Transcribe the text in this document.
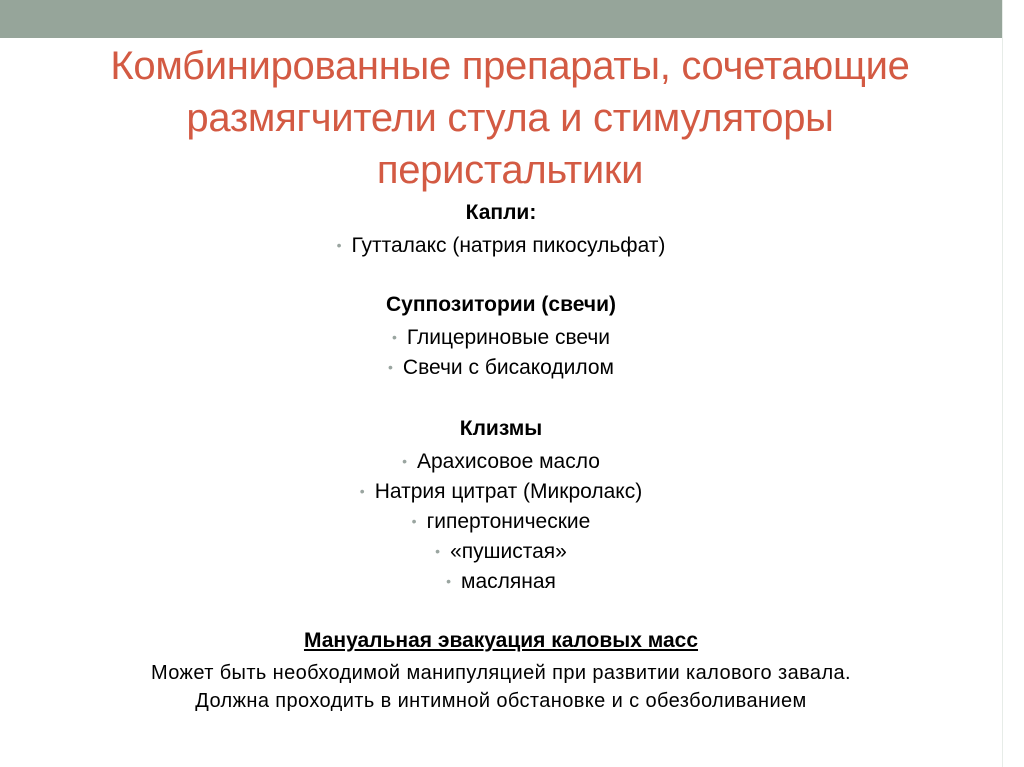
Комбинированные препараты, сочетающие
размягчители стула и стимуляторы
перистальтики
Капли:
• Гутталакс (натрия пикосульфат)
Суппозитории (свечи)
• Глицериновые свечи
• Свечи с бисакодилом
Клизмы
• Арахисовое масло
• Натрия цитрат (Микролакс)
• гипертонические
• «пушистая»
• масляная
Мануальная эвакуация каловых масс
Может быть необходимой манипуляцией при развитии калового завала.
Должна проходить в интимной обстановке и с обезболиванием
